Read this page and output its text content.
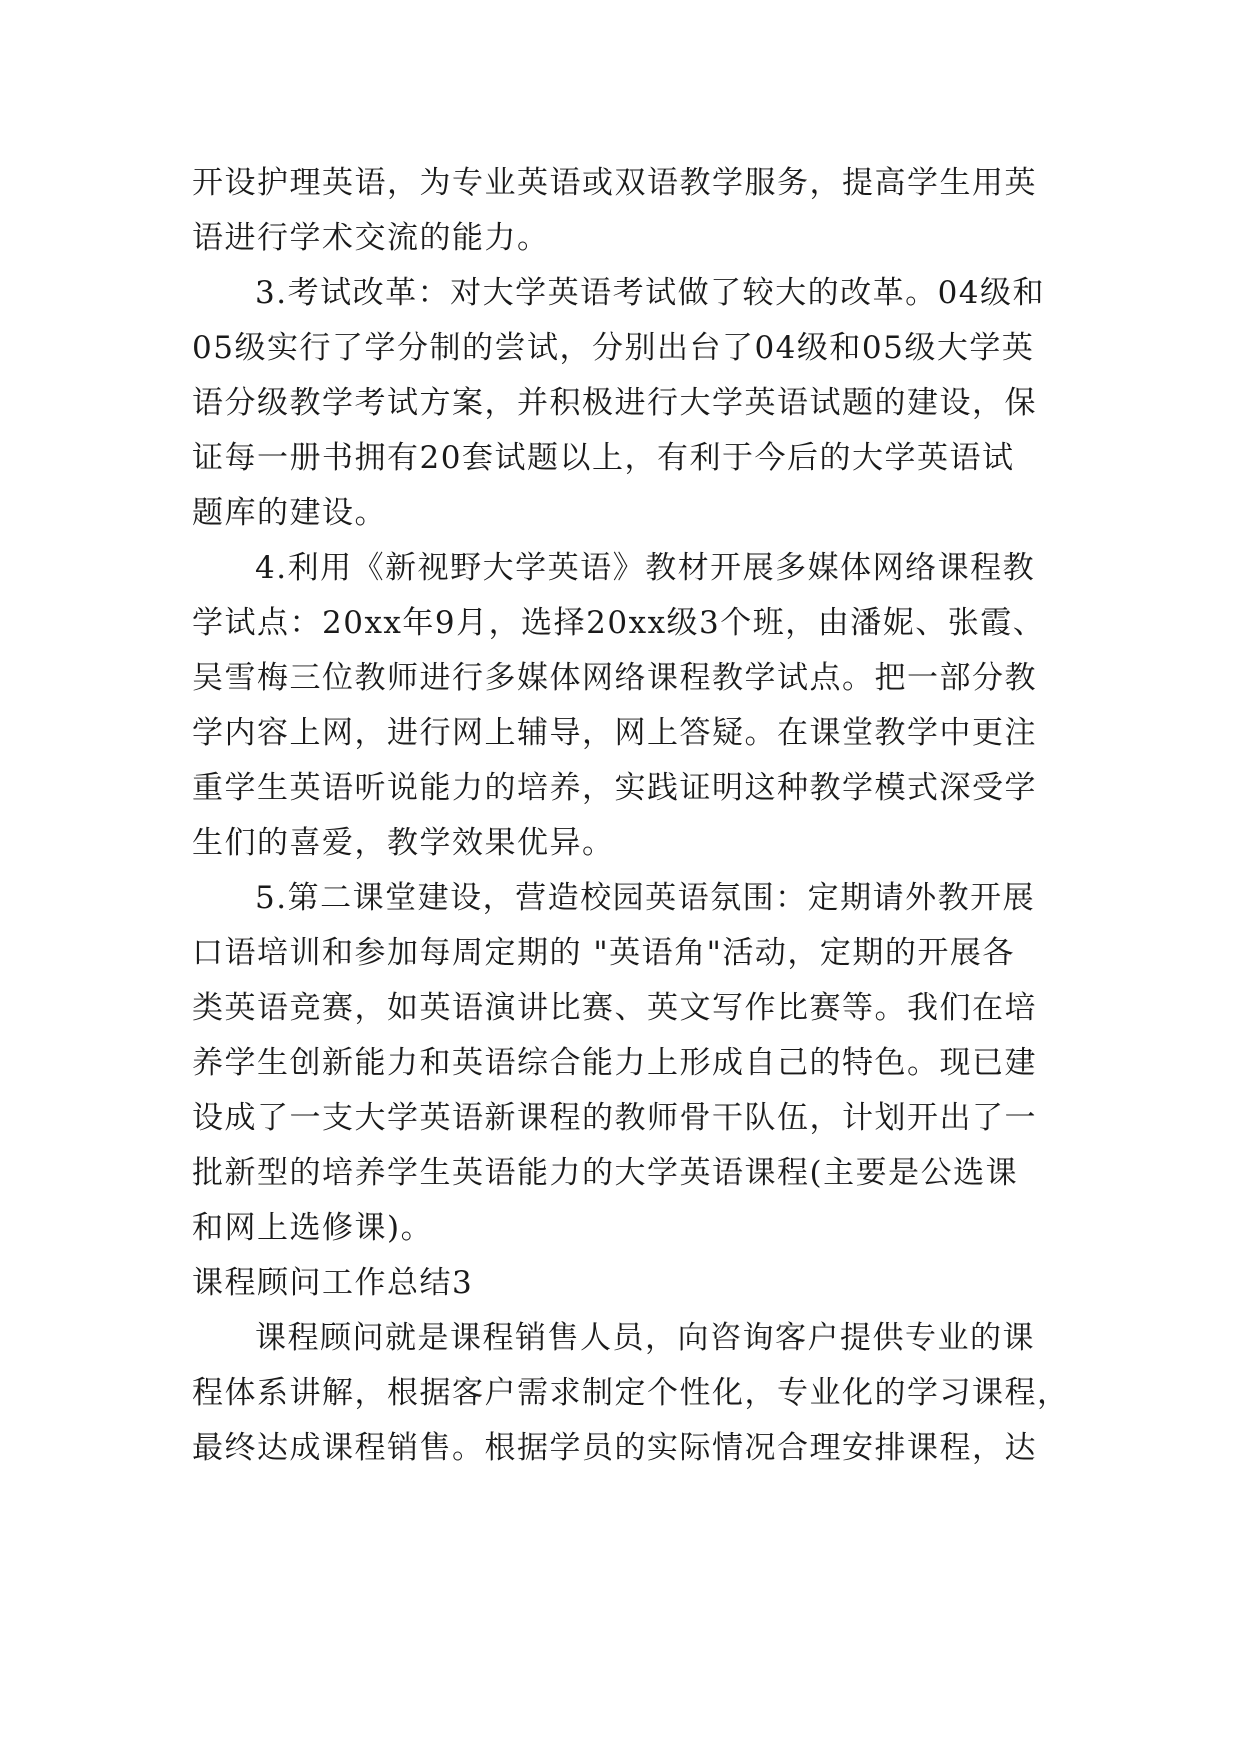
开设护理英语，为专业英语或双语教学服务，提高学生用英

语进行学术交流的能力。

3.考试改革：对大学英语考试做了较大的改革。04级和

05级实行了学分制的尝试，分别出台了04级和05级大学英

语分级教学考试方案，并积极进行大学英语试题的建设，保

证每一册书拥有20套试题以上，有利于今后的大学英语试

题库的建设。

4.利用《新视野大学英语》教材开展多媒体网络课程教

学试点：20xx年9月，选择20xx级3个班，由潘妮、张霞、

吴雪梅三位教师进行多媒体网络课程教学试点。把一部分教

学内容上网，进行网上辅导，网上答疑。在课堂教学中更注

重学生英语听说能力的培养，实践证明这种教学模式深受学

生们的喜爱，教学效果优异。

5.第二课堂建设，营造校园英语氛围：定期请外教开展

口语培训和参加每周定期的 "英语角"活动，定期的开展各

类英语竞赛，如英语演讲比赛、英文写作比赛等。我们在培

养学生创新能力和英语综合能力上形成自己的特色。现已建

设成了一支大学英语新课程的教师骨干队伍，计划开出了一

批新型的培养学生英语能力的大学英语课程(主要是公选课

和网上选修课)。

课程顾问工作总结3

课程顾问就是课程销售人员，向咨询客户提供专业的课

程体系讲解，根据客户需求制定个性化，专业化的学习课程，

最终达成课程销售。根据学员的实际情况合理安排课程，达
